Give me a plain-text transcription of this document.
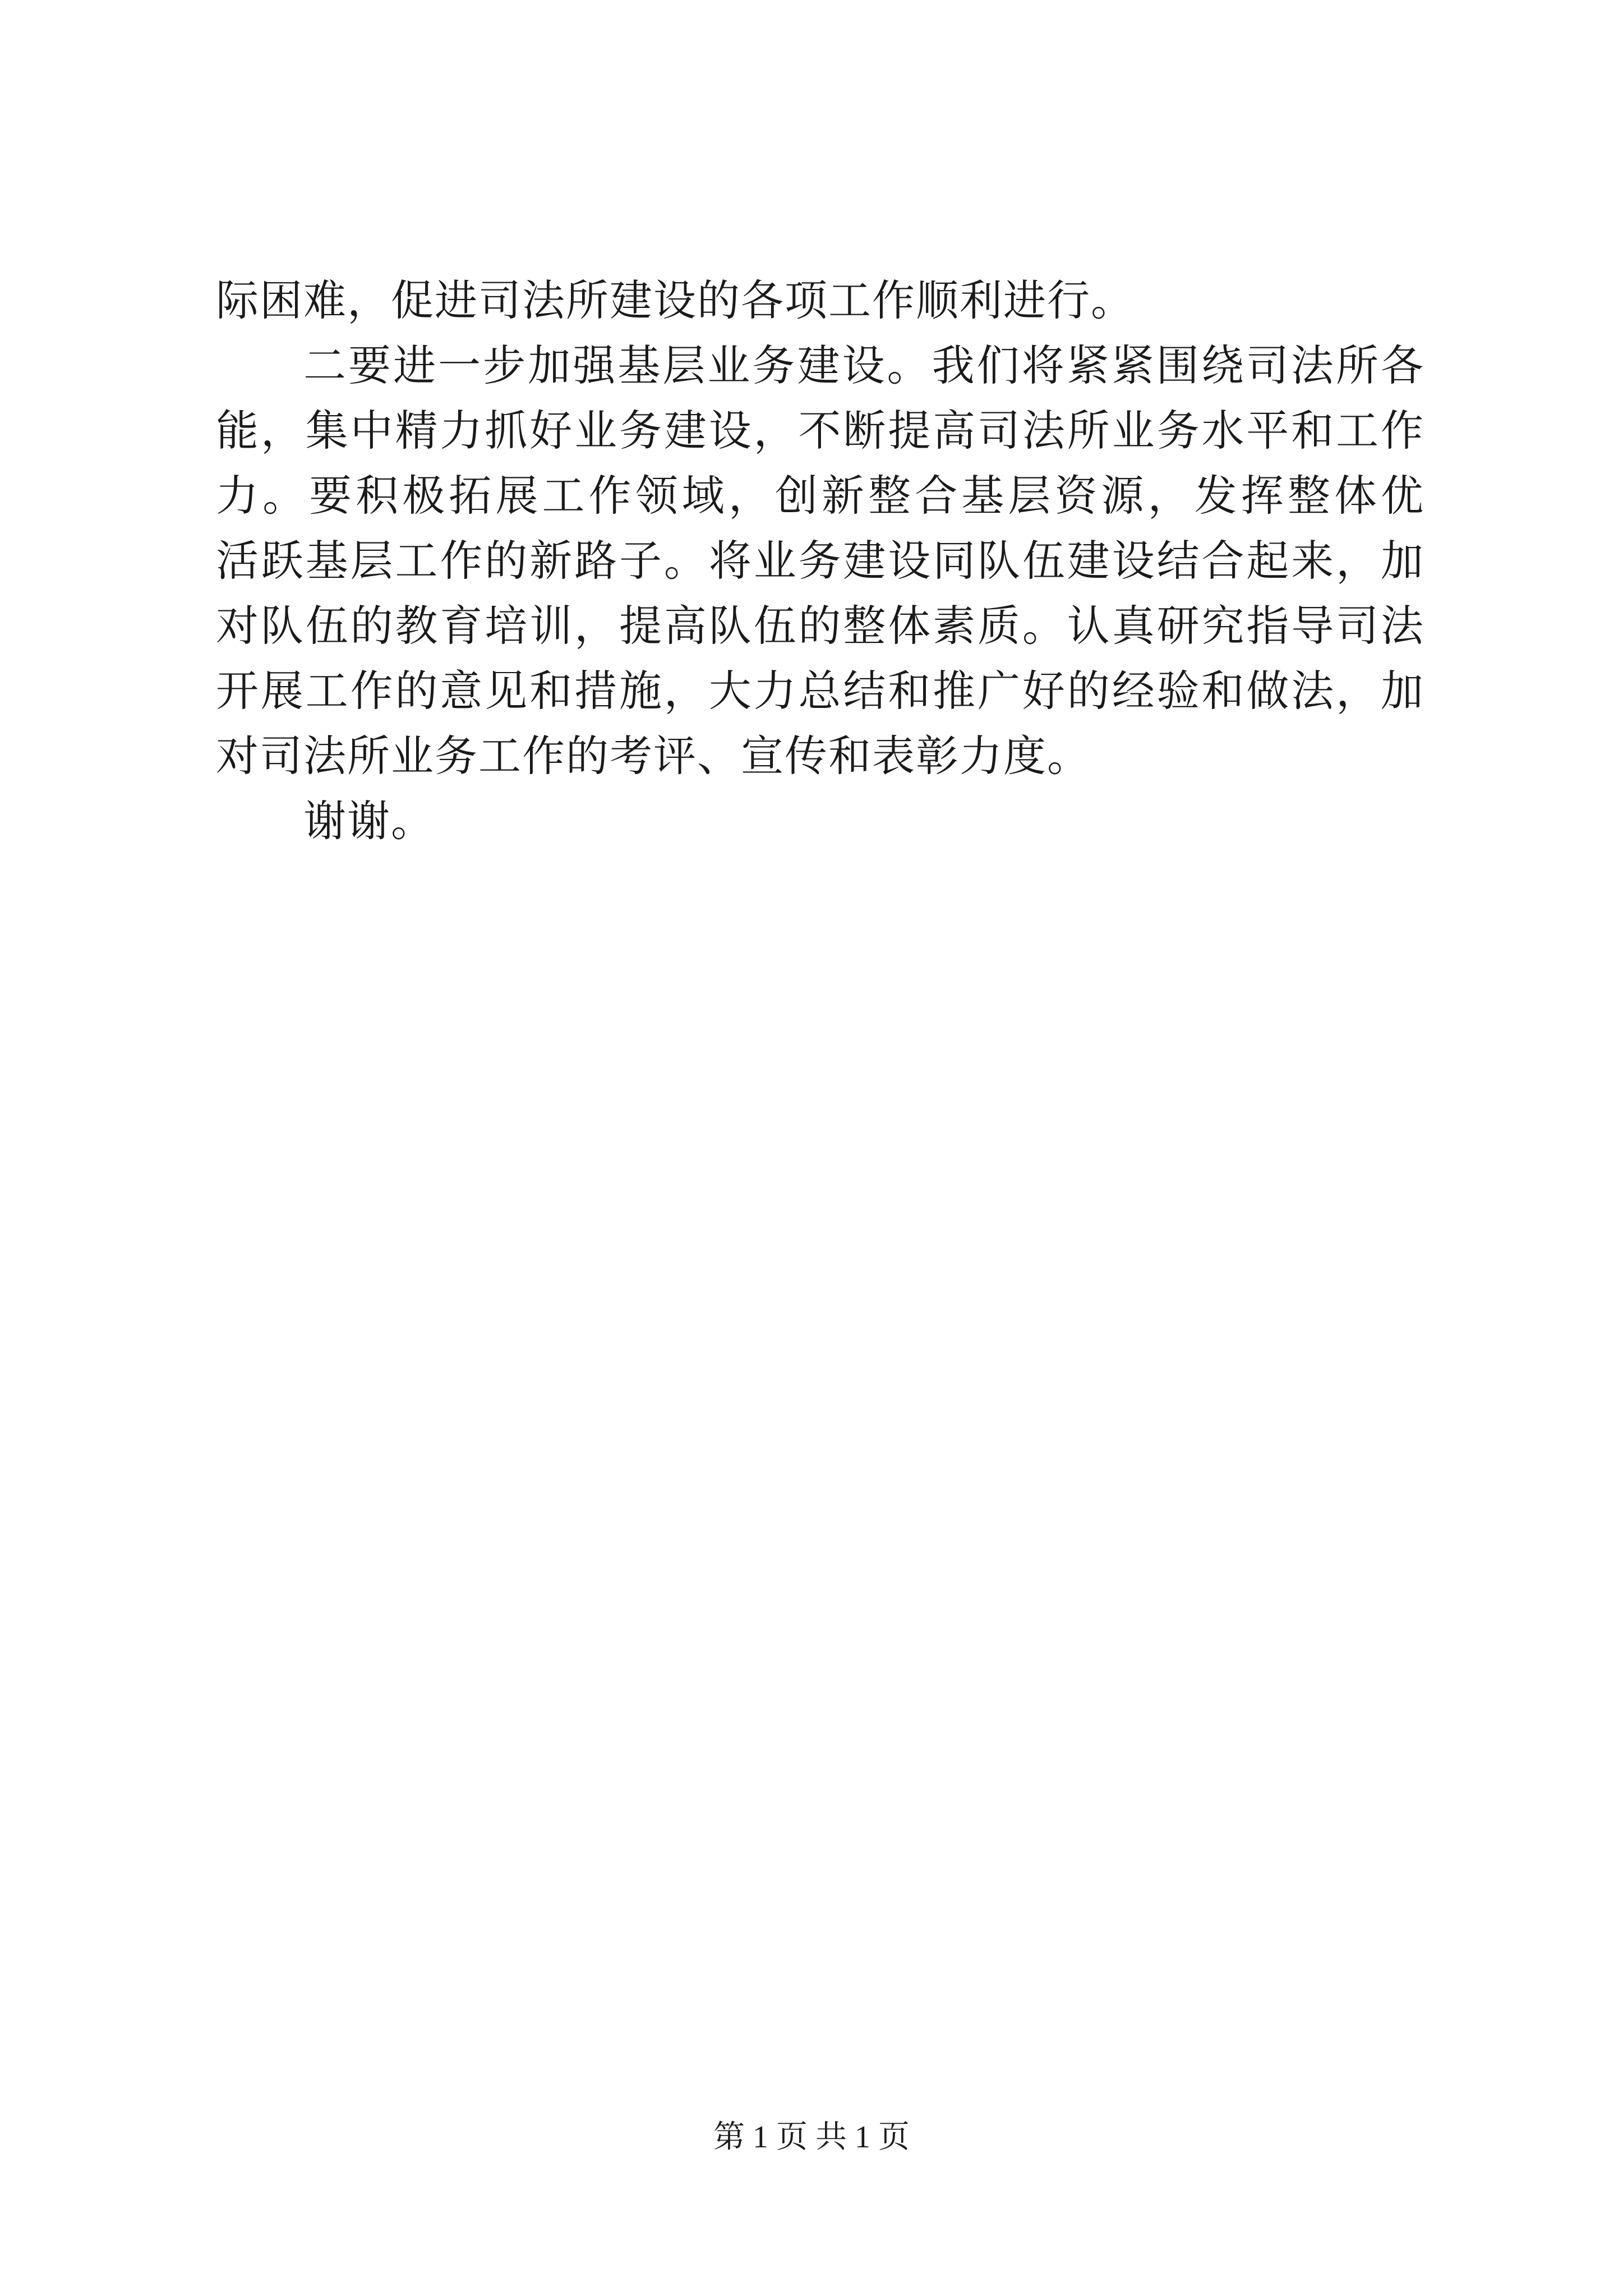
际困难，促进司法所建设的各项工作顺利进行。
二要进一步加强基层业务建设。我们将紧紧围绕司法所各
能，集中精力抓好业务建设，不断提高司法所业务水平和工作
力。要积极拓展工作领域，创新整合基层资源，发挥整体优
活跃基层工作的新路子。将业务建设同队伍建设结合起来，加
对队伍的教育培训，提高队伍的整体素质。认真研究指导司法
开展工作的意见和措施，大力总结和推广好的经验和做法，加
对司法所业务工作的考评、宣传和表彰力度。
谢谢。
第 1 页 共 1 页
